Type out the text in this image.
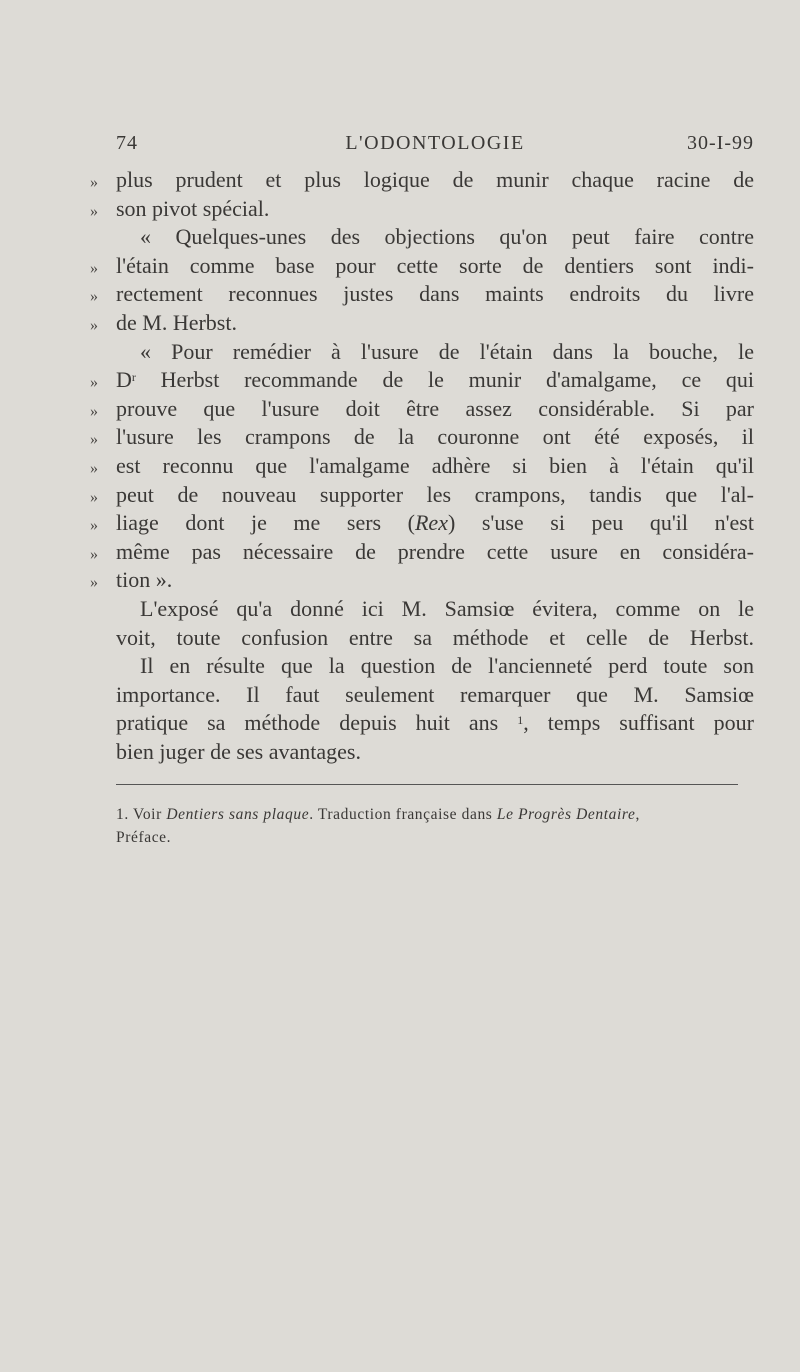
74	L'ODONTOLOGIE	30-I-99
» plus prudent et plus logique de munir chaque racine de
» son pivot spécial.
« Quelques-unes des objections qu'on peut faire contre
» l'étain comme base pour cette sorte de dentiers sont indi-
» rectement reconnues justes dans maints endroits du livre
» de M. Herbst.
« Pour remédier à l'usure de l'étain dans la bouche, le
» $D^r$ Herbst recommande de le munir d'amalgame, ce qui
» prouve que l'usure doit être assez considérable. Si par
» l'usure les crampons de la couronne ont été exposés, il
» est reconnu que l'amalgame adhère si bien à l'étain qu'il
» peut de nouveau supporter les crampons, tandis que l'al-
» liage dont je me sers (Rex) s'use si peu qu'il n'est
» même pas nécessaire de prendre cette usure en considéra-
» tion ».
L'exposé qu'a donné ici M. Samsiœ évitera, comme on le
voit, toute confusion entre sa méthode et celle de Herbst.
Il en résulte que la question de l'ancienneté perd toute son
importance. Il faut seulement remarquer que M. Samsiœ
pratique sa méthode depuis huit ans $^1$, temps suffisant pour
bien juger de ses avantages.
1. Voir Dentiers sans plaque. Traduction française dans Le Progrès Dentaire,
Préface.
